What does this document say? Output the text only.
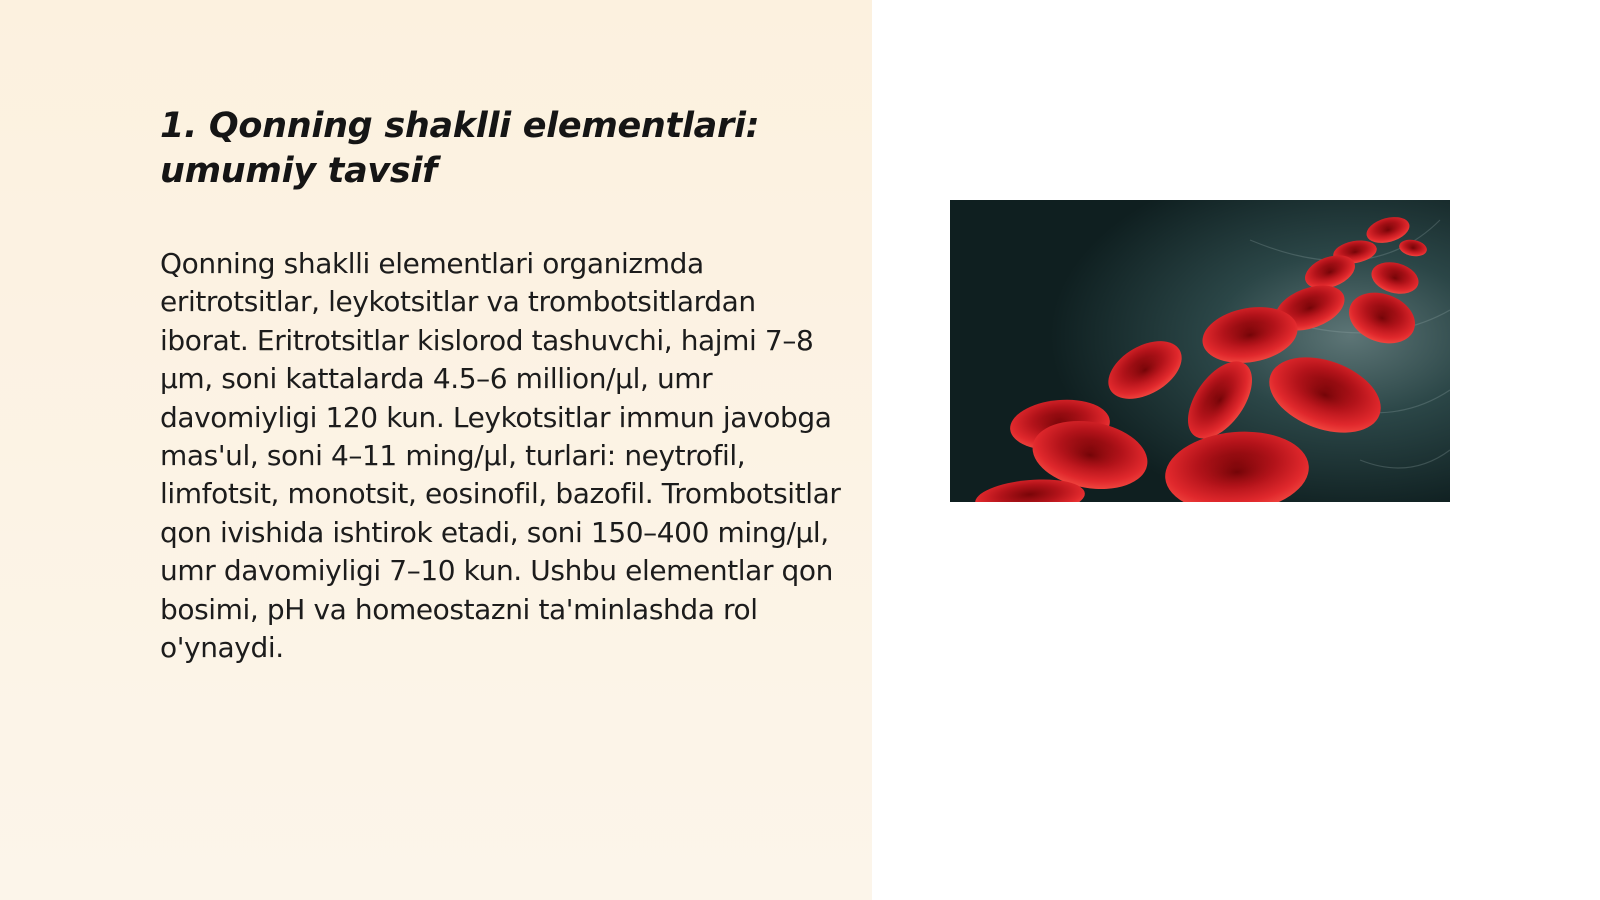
1. Qonning shaklli elementlari: umumiy tavsif

Qonning shaklli elementlari organizmda eritrotsitlar, leykotsitlar va trombotsitlardan iborat. Eritrotsitlar kislorod tashuvchi, hajmi 7–8 μm, soni kattalarda 4.5–6 million/μl, umr davomiyligi 120 kun. Leykotsitlar immun javobga mas'ul, soni 4–11 ming/μl, turlari: neytrofil, limfotsit, monotsit, eosinofil, bazofil. Trombotsitlar qon ivishida ishtirok etadi, soni 150–400 ming/μl, umr davomiyligi 7–10 kun. Ushbu elementlar qon bosimi, pH va homeostazni ta'minlashda rol o'ynaydi.
